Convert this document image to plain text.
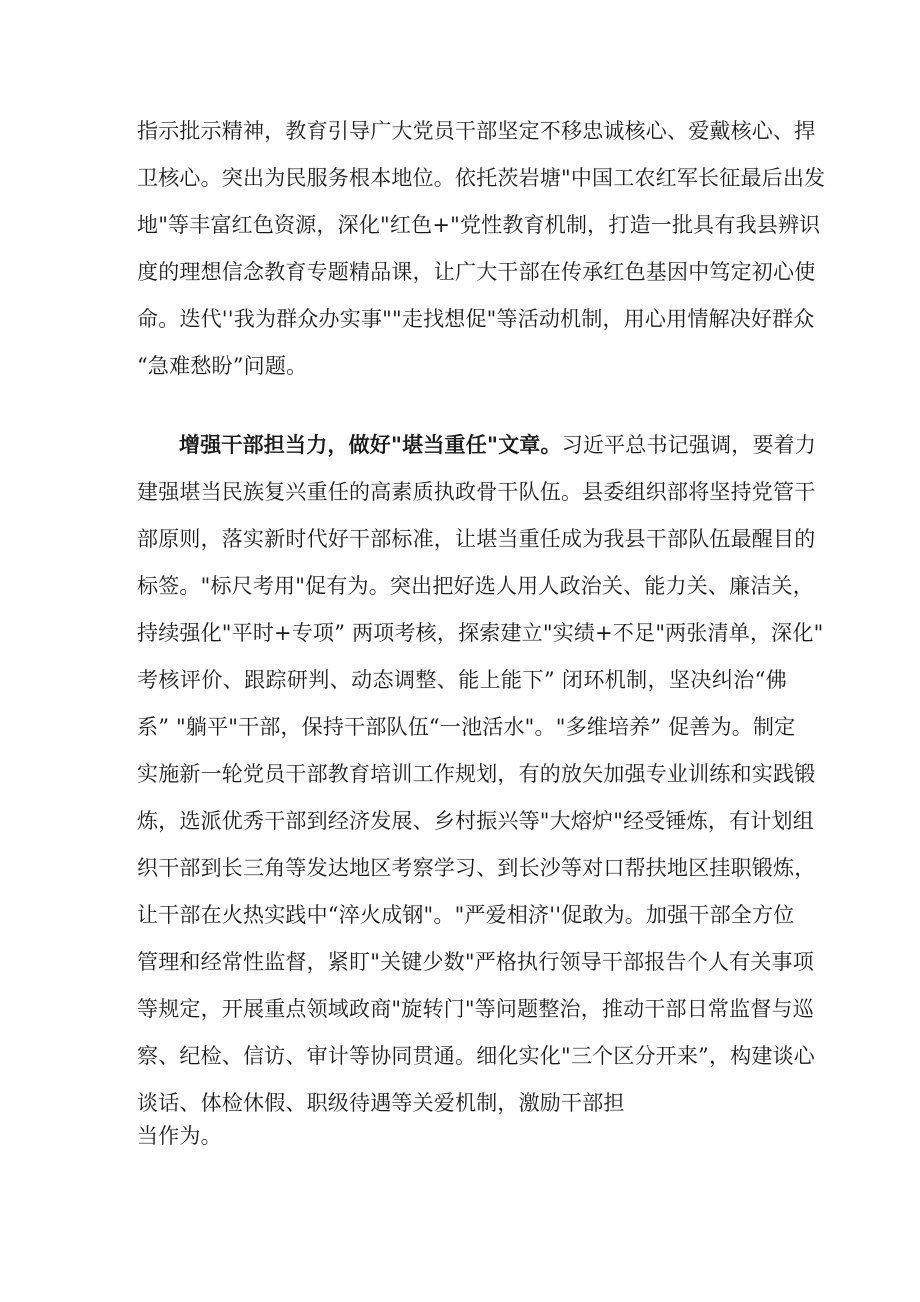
指示批示精神，教育引导广大党员干部坚定不移忠诚核心、爱戴核心、捍
卫核心。突出为民服务根本地位。依托茨岩塘"中国工农红军长征最后出发
地"等丰富红色资源，深化"红色+"党性教育机制，打造一批具有我县辨识
度的理想信念教育专题精品课，让广大干部在传承红色基因中笃定初心使
命。迭代''我为群众办实事""走找想促"等活动机制，用心用情解决好群众
“急难愁盼”问题。
增强干部担当力，做好"堪当重任"文章。习近平总书记强调，要着力
建强堪当民族复兴重任的高素质执政骨干队伍。县委组织部将坚持党管干
部原则，落实新时代好干部标准，让堪当重任成为我县干部队伍最醒目的
标签。"标尺考用"促有为。突出把好选人用人政治关、能力关、廉洁关，
持续强化"平时+专项” 两项考核，探索建立"实绩+不足"两张清单，深化"
考核评价、跟踪研判、动态调整、能上能下” 闭环机制，坚决纠治“佛
系” "躺平"干部，保持干部队伍“一池活水"。"多维培养” 促善为。制定
实施新一轮党员干部教育培训工作规划，有的放矢加强专业训练和实践锻
炼，选派优秀干部到经济发展、乡村振兴等"大熔炉"经受锤炼，有计划组
织干部到长三角等发达地区考察学习、到长沙等对口帮扶地区挂职锻炼，
让干部在火热实践中“淬火成钢"。"严爱相济''促敢为。加强干部全方位
管理和经常性监督，紧盯"关键少数"严格执行领导干部报告个人有关事项
等规定，开展重点领域政商"旋转门"等问题整治，推动干部日常监督与巡
察、纪检、信访、审计等协同贯通。细化实化"三个区分开来”，构建谈心
谈话、体检休假、职级待遇等关爱机制，激励干部担
当作为。
